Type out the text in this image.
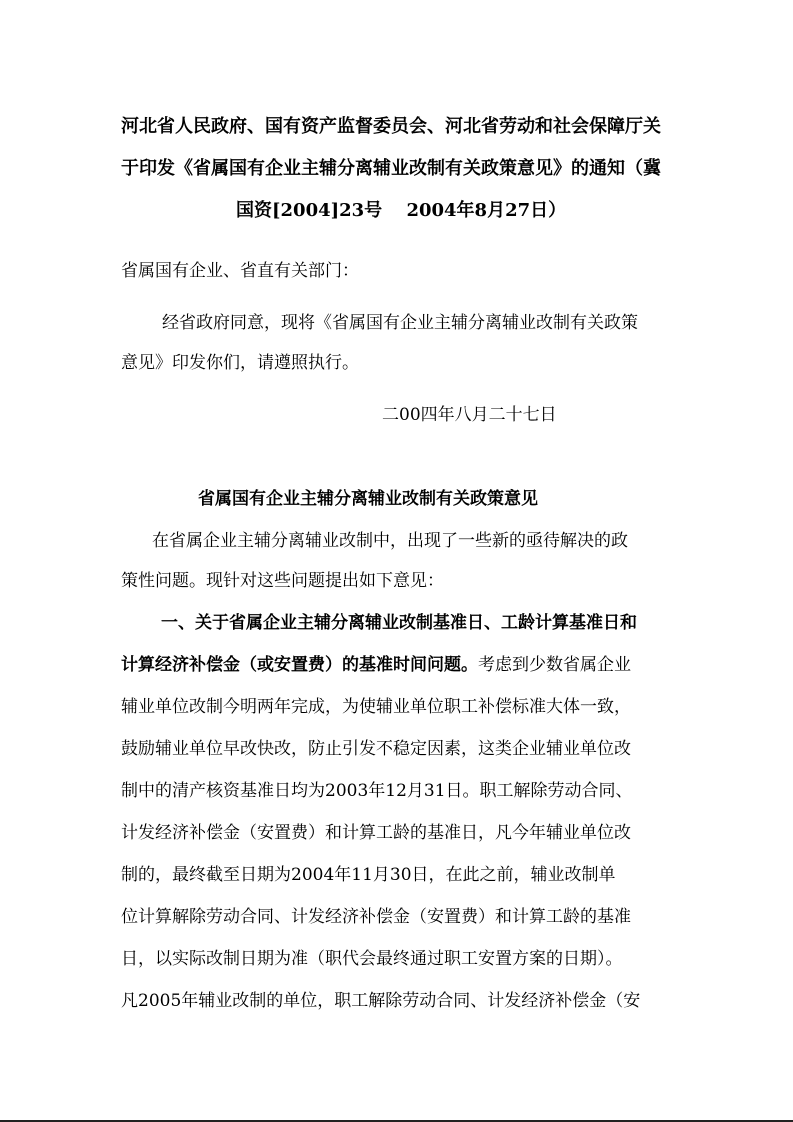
河北省人民政府、国有资产监督委员会、河北省劳动和社会保障厅关
于印发《省属国有企业主辅分离辅业改制有关政策意见》的通知（冀
国资[2004]23号　 2004年8月27日）
省属国有企业、省直有关部门：
经省政府同意，现将《省属国有企业主辅分离辅业改制有关政策
意见》印发你们，请遵照执行。
二00四年八月二十七日
省属国有企业主辅分离辅业改制有关政策意见
在省属企业主辅分离辅业改制中，出现了一些新的亟待解决的政
策性问题。现针对这些问题提出如下意见：
一、关于省属企业主辅分离辅业改制基准日、工龄计算基准日和
计算经济补偿金（或安置费）的基准时间问题。考虑到少数省属企业
辅业单位改制今明两年完成，为使辅业单位职工补偿标准大体一致，
鼓励辅业单位早改快改，防止引发不稳定因素，这类企业辅业单位改
制中的清产核资基准日均为2003年12月31日。职工解除劳动合同、
计发经济补偿金（安置费）和计算工龄的基准日，凡今年辅业单位改
制的，最终截至日期为2004年11月30日，在此之前，辅业改制单
位计算解除劳动合同、计发经济补偿金（安置费）和计算工龄的基准
日，以实际改制日期为准（职代会最终通过职工安置方案的日期）。
凡2005年辅业改制的单位，职工解除劳动合同、计发经济补偿金（安
